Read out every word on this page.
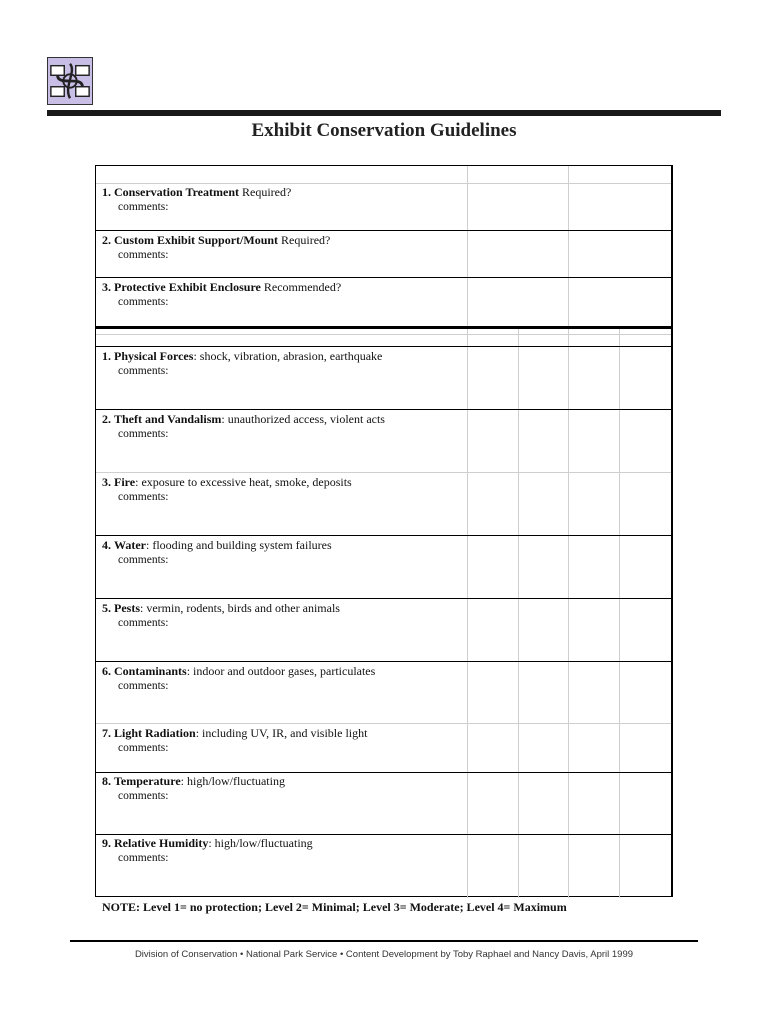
Exhibit Conservation Guidelines
1. Conservation Treatment Required?
comments:
2. Custom Exhibit Support/Mount Required?
comments:
3. Protective Exhibit Enclosure Recommended?
comments:
1. Physical Forces: shock, vibration, abrasion, earthquake
comments:
2. Theft and Vandalism: unauthorized access, violent acts
comments:
3. Fire: exposure to excessive heat, smoke, deposits
comments:
4. Water: flooding and building system failures
comments:
5. Pests: vermin, rodents, birds and other animals
comments:
6. Contaminants: indoor and outdoor gases, particulates
comments:
7. Light Radiation: including UV, IR, and visible light
comments:
8. Temperature: high/low/fluctuating
comments:
9. Relative Humidity: high/low/fluctuating
comments:
NOTE: Level 1= no protection; Level 2= Minimal; Level 3= Moderate; Level 4= Maximum
Division of Conservation • National Park Service • Content Development by Toby Raphael and Nancy Davis, April 1999
